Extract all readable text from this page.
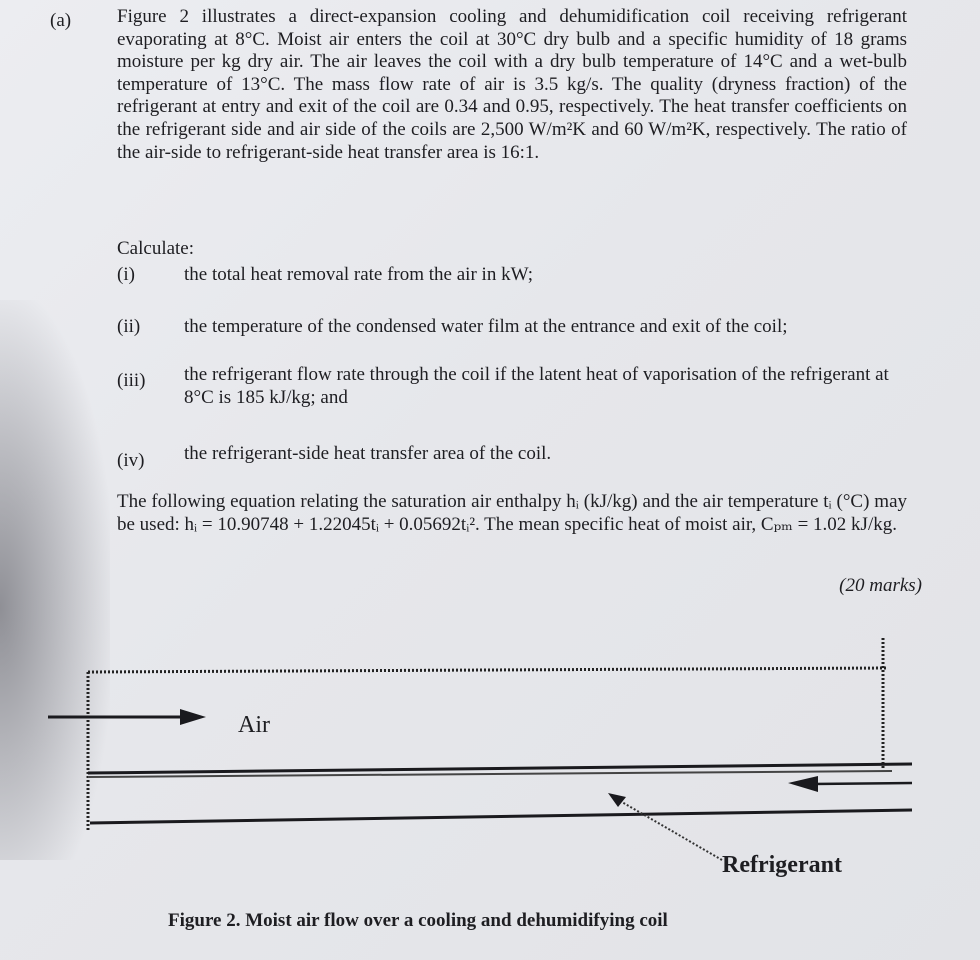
(a) Figure 2 illustrates a direct-expansion cooling and dehumidification coil receiving refrigerant evaporating at 8°C. Moist air enters the coil at 30°C dry bulb and a specific humidity of 18 grams moisture per kg dry air. The air leaves the coil with a dry bulb temperature of 14°C and a wet-bulb temperature of 13°C. The mass flow rate of air is 3.5 kg/s. The quality (dryness fraction) of the refrigerant at entry and exit of the coil are 0.34 and 0.95, respectively. The heat transfer coefficients on the refrigerant side and air side of the coils are 2,500 W/m²K and 60 W/m²K, respectively. The ratio of the air-side to refrigerant-side heat transfer area is 16:1.

Calculate:
(i)	the total heat removal rate from the air in kW;
(ii) the temperature of the condensed water film at the entrance and exit of the coil;
(iii) the refrigerant flow rate through the coil if the latent heat of vaporisation of the refrigerant at 8°C is 185 kJ/kg; and
(iv) the refrigerant-side heat transfer area of the coil.

The following equation relating the saturation air enthalpy hᵢ (kJ/kg) and the air temperature tᵢ (°C) may be used: hᵢ = 10.90748 + 1.22045tᵢ + 0.05692tᵢ². The mean specific heat of moist air, Cₚₘ = 1.02 kJ/kg.

(20 marks)
Air
Refrigerant
Figure 2. Moist air flow over a cooling and dehumidifying coil
